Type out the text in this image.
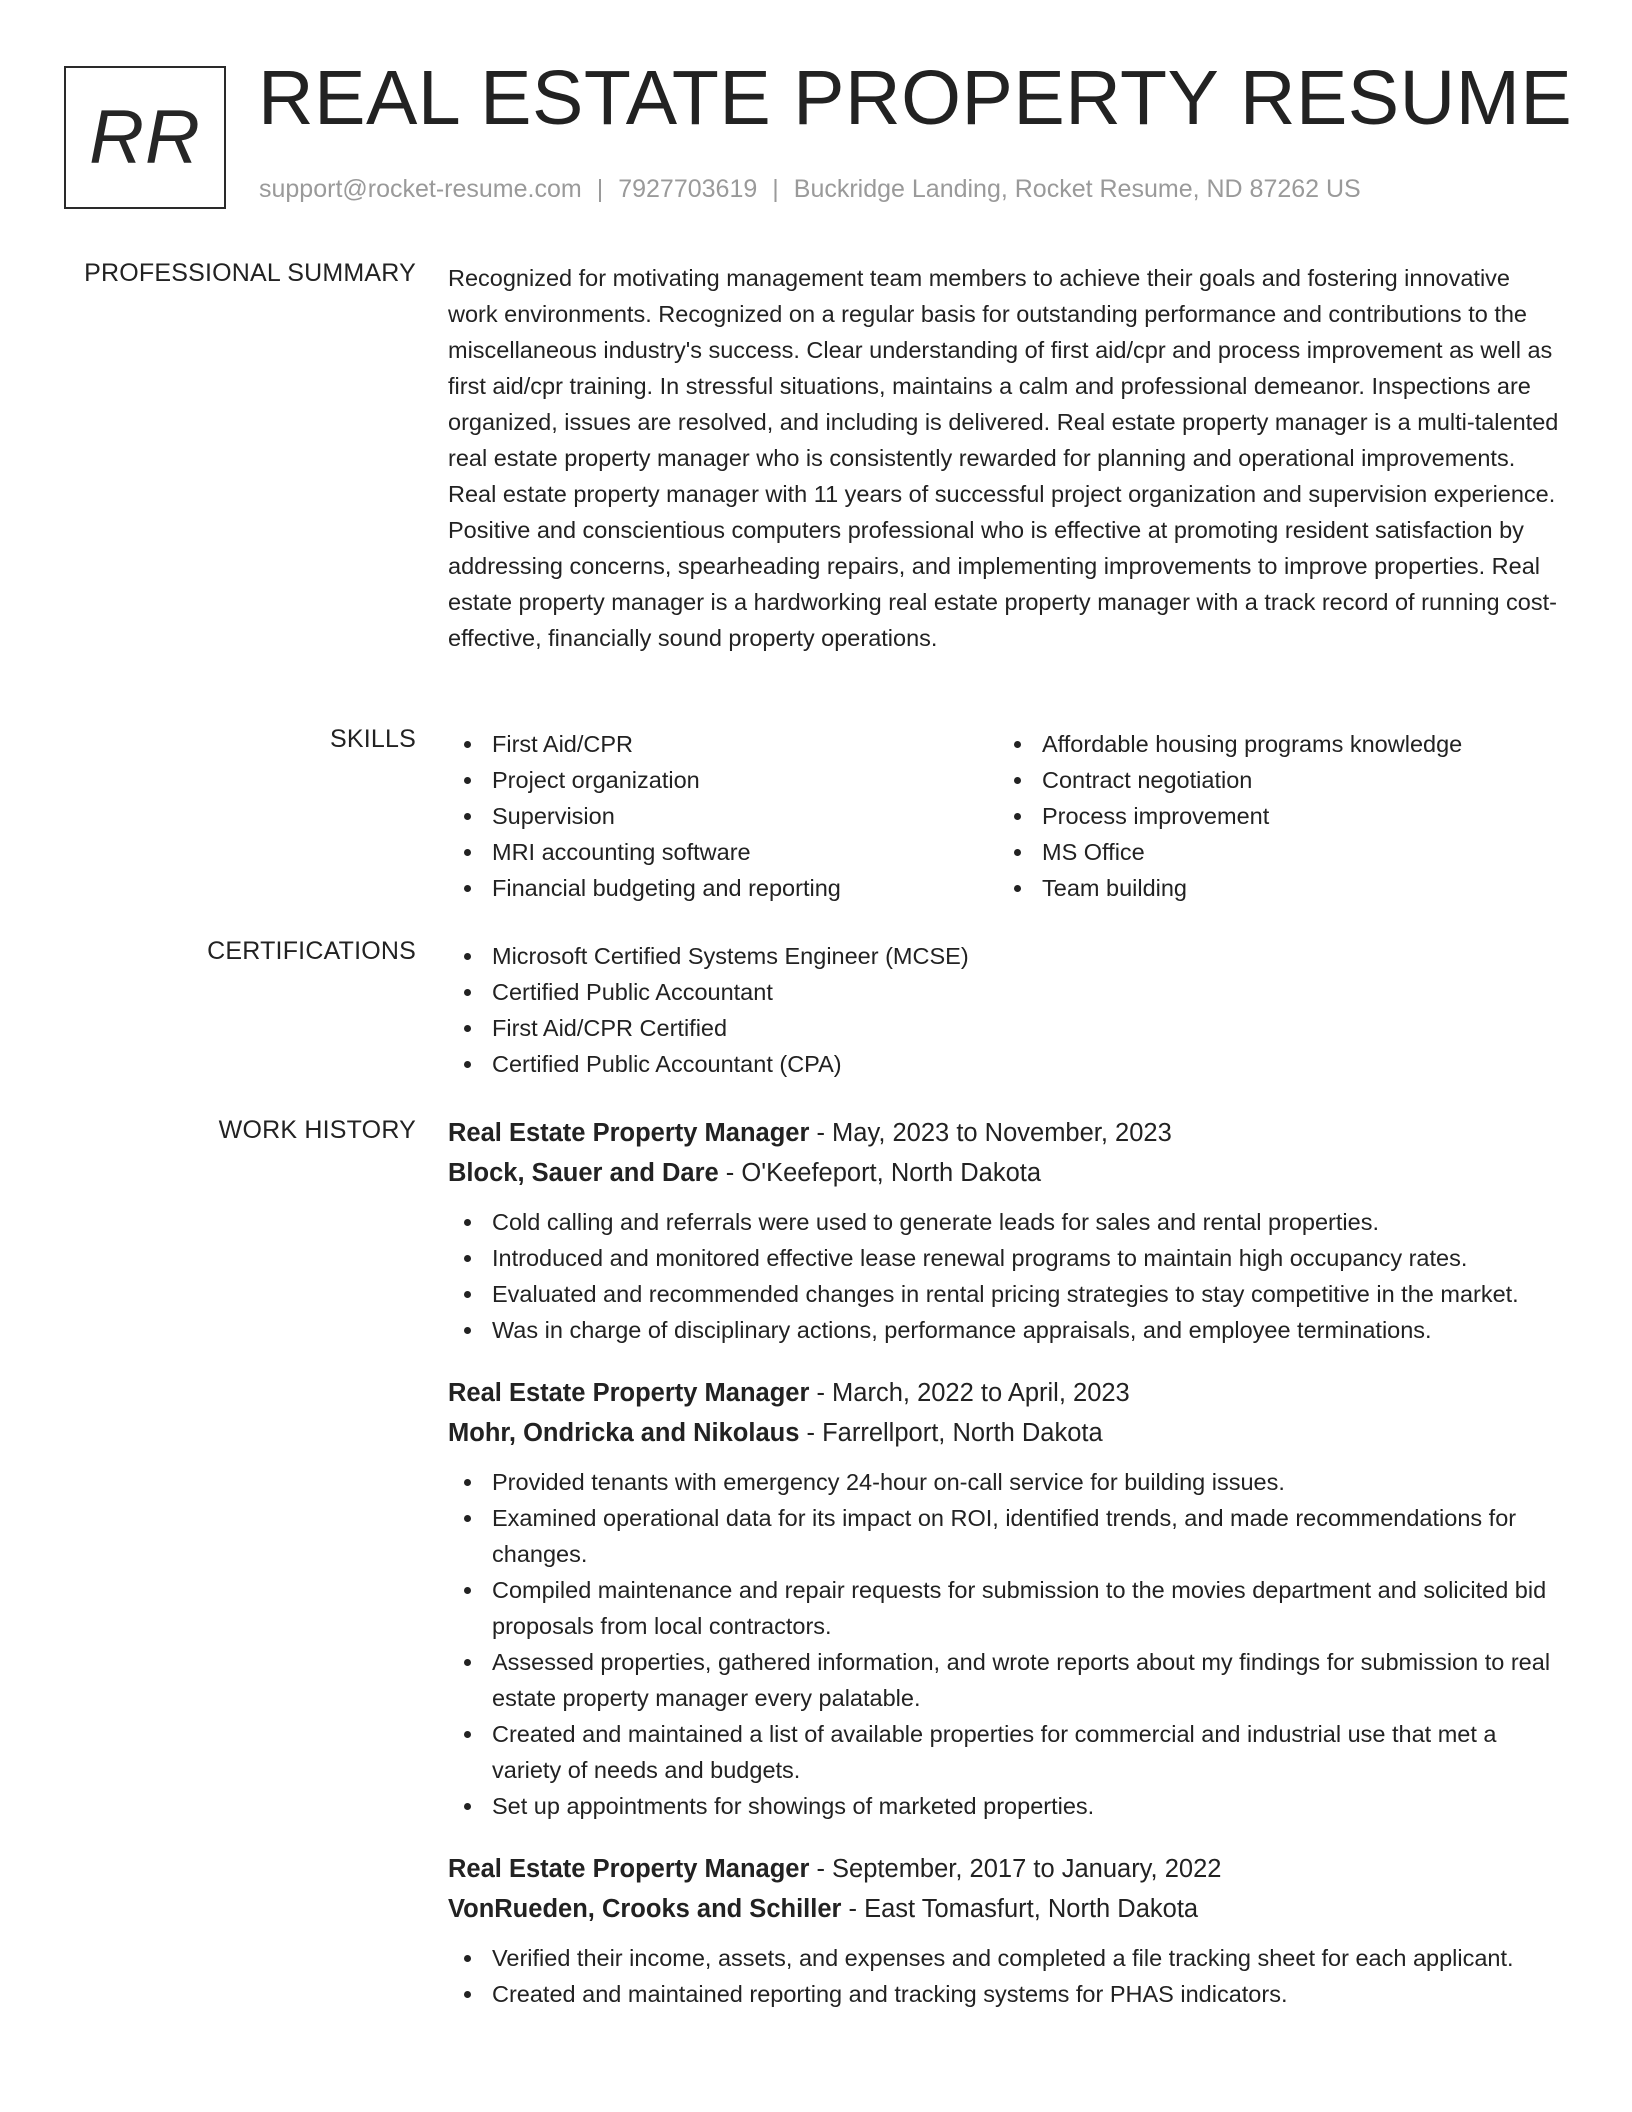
RR REAL ESTATE PROPERTY RESUME
support@rocket-resume.com | 7927703619 | Buckridge Landing, Rocket Resume, ND 87262 US
PROFESSIONAL SUMMARY Recognized for motivating management team members to achieve their goals and fostering innovative work environments. Recognized on a regular basis for outstanding performance and contributions to the miscellaneous industry's success. Clear understanding of first aid/cpr and process improvement as well as first aid/cpr training. In stressful situations, maintains a calm and professional demeanor. Inspections are organized, issues are resolved, and including is delivered. Real estate property manager is a multi-talented real estate property manager who is consistently rewarded for planning and operational improvements. Real estate property manager with 11 years of successful project organization and supervision experience. Positive and conscientious computers professional who is effective at promoting resident satisfaction by addressing concerns, spearheading repairs, and implementing improvements to improve properties. Real estate property manager is a hardworking real estate property manager with a track record of running cost-effective, financially sound property operations.
SKILLS	First Aid/CPR
Project organization
Supervision
MRI accounting software
Financial budgeting and reporting
Affordable housing programs knowledge
Contract negotiation
Process improvement
MS Office
Team building
CERTIFICATIONS	Microsoft Certified Systems Engineer (MCSE)
Certified Public Accountant
First Aid/CPR Certified
Certified Public Accountant (CPA)
WORK HISTORY Real Estate Property Manager - May, 2023 to November, 2023
Block, Sauer and Dare - O'Keefeport, North Dakota
Cold calling and referrals were used to generate leads for sales and rental properties.
Introduced and monitored effective lease renewal programs to maintain high occupancy rates.
Evaluated and recommended changes in rental pricing strategies to stay competitive in the market.
Was in charge of disciplinary actions, performance appraisals, and employee terminations.
Real Estate Property Manager - March, 2022 to April, 2023
Mohr, Ondricka and Nikolaus - Farrellport, North Dakota
Provided tenants with emergency 24-hour on-call service for building issues.
Examined operational data for its impact on ROI, identified trends, and made recommendations for changes.
Compiled maintenance and repair requests for submission to the movies department and solicited bid proposals from local contractors.
Assessed properties, gathered information, and wrote reports about my findings for submission to real estate property manager every palatable.
Created and maintained a list of available properties for commercial and industrial use that met a variety of needs and budgets.
Set up appointments for showings of marketed properties.
Real Estate Property Manager - September, 2017 to January, 2022
VonRueden, Crooks and Schiller - East Tomasfurt, North Dakota
Verified their income, assets, and expenses and completed a file tracking sheet for each applicant.
Created and maintained reporting and tracking systems for PHAS indicators.
